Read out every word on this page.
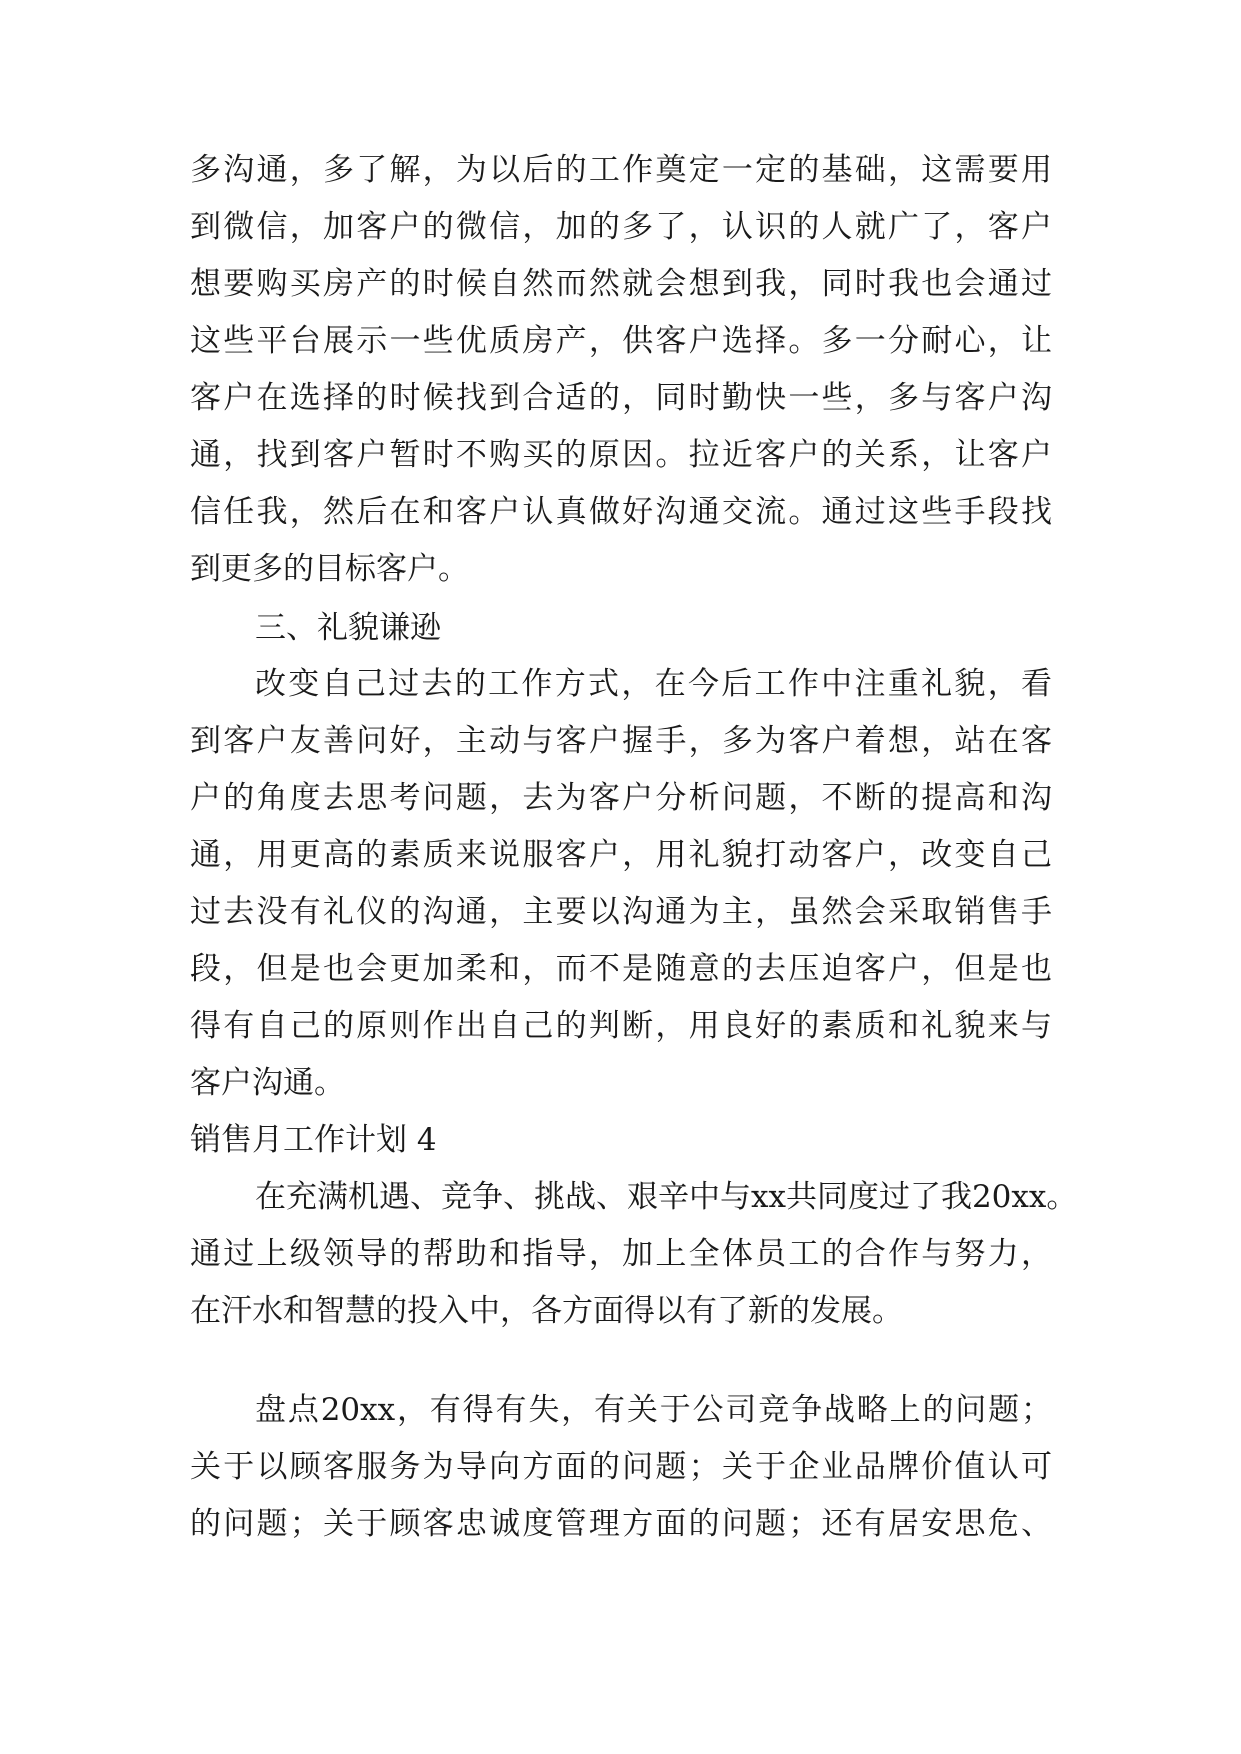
多沟通，多了解，为以后的工作奠定一定的基础，这需要用
到微信，加客户的微信，加的多了，认识的人就广了，客户
想要购买房产的时候自然而然就会想到我，同时我也会通过
这些平台展示一些优质房产，供客户选择。多一分耐心，让
客户在选择的时候找到合适的，同时勤快一些，多与客户沟
通，找到客户暂时不购买的原因。拉近客户的关系，让客户
信任我，然后在和客户认真做好沟通交流。通过这些手段找
到更多的目标客户。
三、礼貌谦逊
改变自己过去的工作方式，在今后工作中注重礼貌，看
到客户友善问好，主动与客户握手，多为客户着想，站在客
户的角度去思考问题，去为客户分析问题，不断的提高和沟
通，用更高的素质来说服客户，用礼貌打动客户，改变自己
过去没有礼仪的沟通，主要以沟通为主，虽然会采取销售手
段，但是也会更加柔和，而不是随意的去压迫客户，但是也
得有自己的原则作出自己的判断，用良好的素质和礼貌来与
客户沟通。
销售月工作计划 4
在充满机遇、竞争、挑战、艰辛中与xx共同度过了我20xx。
通过上级领导的帮助和指导，加上全体员工的合作与努力，
在汗水和智慧的投入中，各方面得以有了新的发展。
盘点20xx，有得有失，有关于公司竞争战略上的问题；
关于以顾客服务为导向方面的问题；关于企业品牌价值认可
的问题；关于顾客忠诚度管理方面的问题；还有居安思危、
